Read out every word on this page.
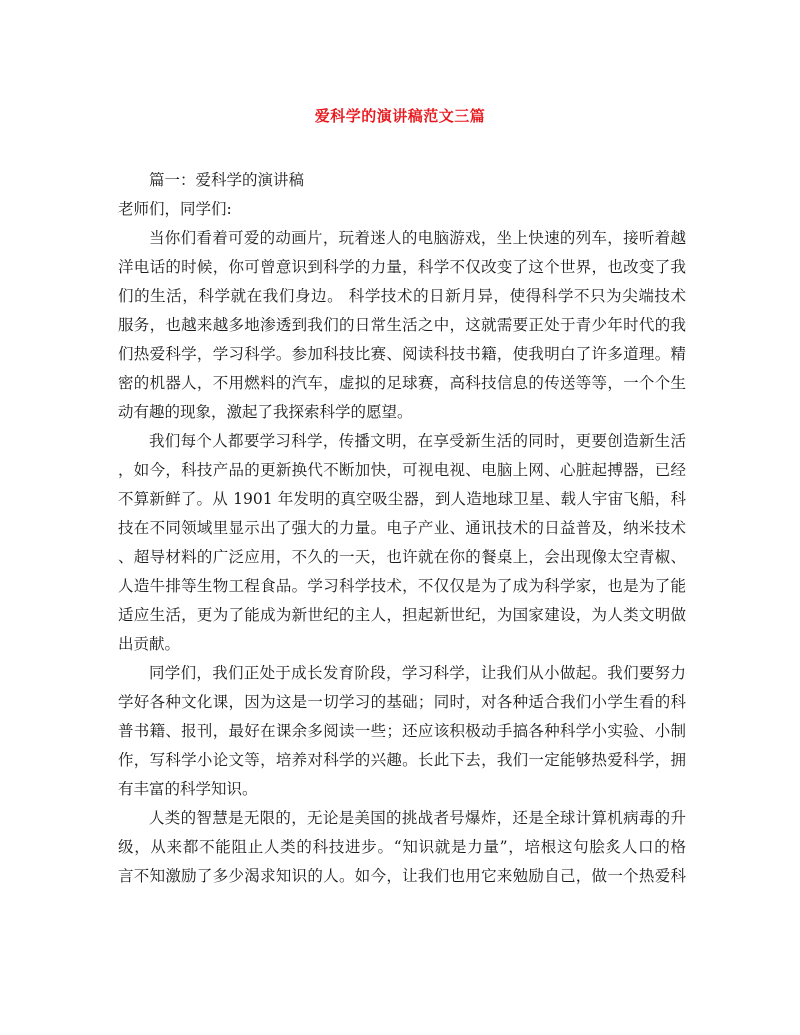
爱科学的演讲稿范文三篇
篇一：爱科学的演讲稿
老师们，同学们:
当你们看着可爱的动画片，玩着迷人的电脑游戏，坐上快速的列车，接听着越
洋电话的时候，你可曾意识到科学的力量，科学不仅改变了这个世界，也改变了我
们的生活，科学就在我们身边。 科学技术的日新月异，使得科学不只为尖端技术
服务，也越来越多地渗透到我们的日常生活之中，这就需要正处于青少年时代的我
们热爱科学，学习科学。参加科技比赛、阅读科技书籍，使我明白了许多道理。精
密的机器人，不用燃料的汽车，虚拟的足球赛，高科技信息的传送等等，一个个生
动有趣的现象，激起了我探索科学的愿望。
我们每个人都要学习科学，传播文明，在享受新生活的同时，更要创造新生活
，如今，科技产品的更新换代不断加快，可视电视、电脑上网、心脏起搏器，已经
不算新鲜了。从 1901 年发明的真空吸尘器，到人造地球卫星、载人宇宙飞船，科
技在不同领域里显示出了强大的力量。电子产业、通讯技术的日益普及，纳米技术
、超导材料的广泛应用，不久的一天，也许就在你的餐桌上，会出现像太空青椒、
人造牛排等生物工程食品。学习科学技术，不仅仅是为了成为科学家，也是为了能
适应生活，更为了能成为新世纪的主人，担起新世纪，为国家建设，为人类文明做
出贡献。
同学们，我们正处于成长发育阶段，学习科学，让我们从小做起。我们要努力
学好各种文化课，因为这是一切学习的基础；同时，对各种适合我们小学生看的科
普书籍、报刊，最好在课余多阅读一些；还应该积极动手搞各种科学小实验、小制
作，写科学小论文等，培养对科学的兴趣。长此下去，我们一定能够热爱科学，拥
有丰富的科学知识。
人类的智慧是无限的，无论是美国的挑战者号爆炸，还是全球计算机病毒的升
级，从来都不能阻止人类的科技进步。“知识就是力量”，培根这句脍炙人口的格
言不知激励了多少渴求知识的人。如今，让我们也用它来勉励自己，做一个热爱科
